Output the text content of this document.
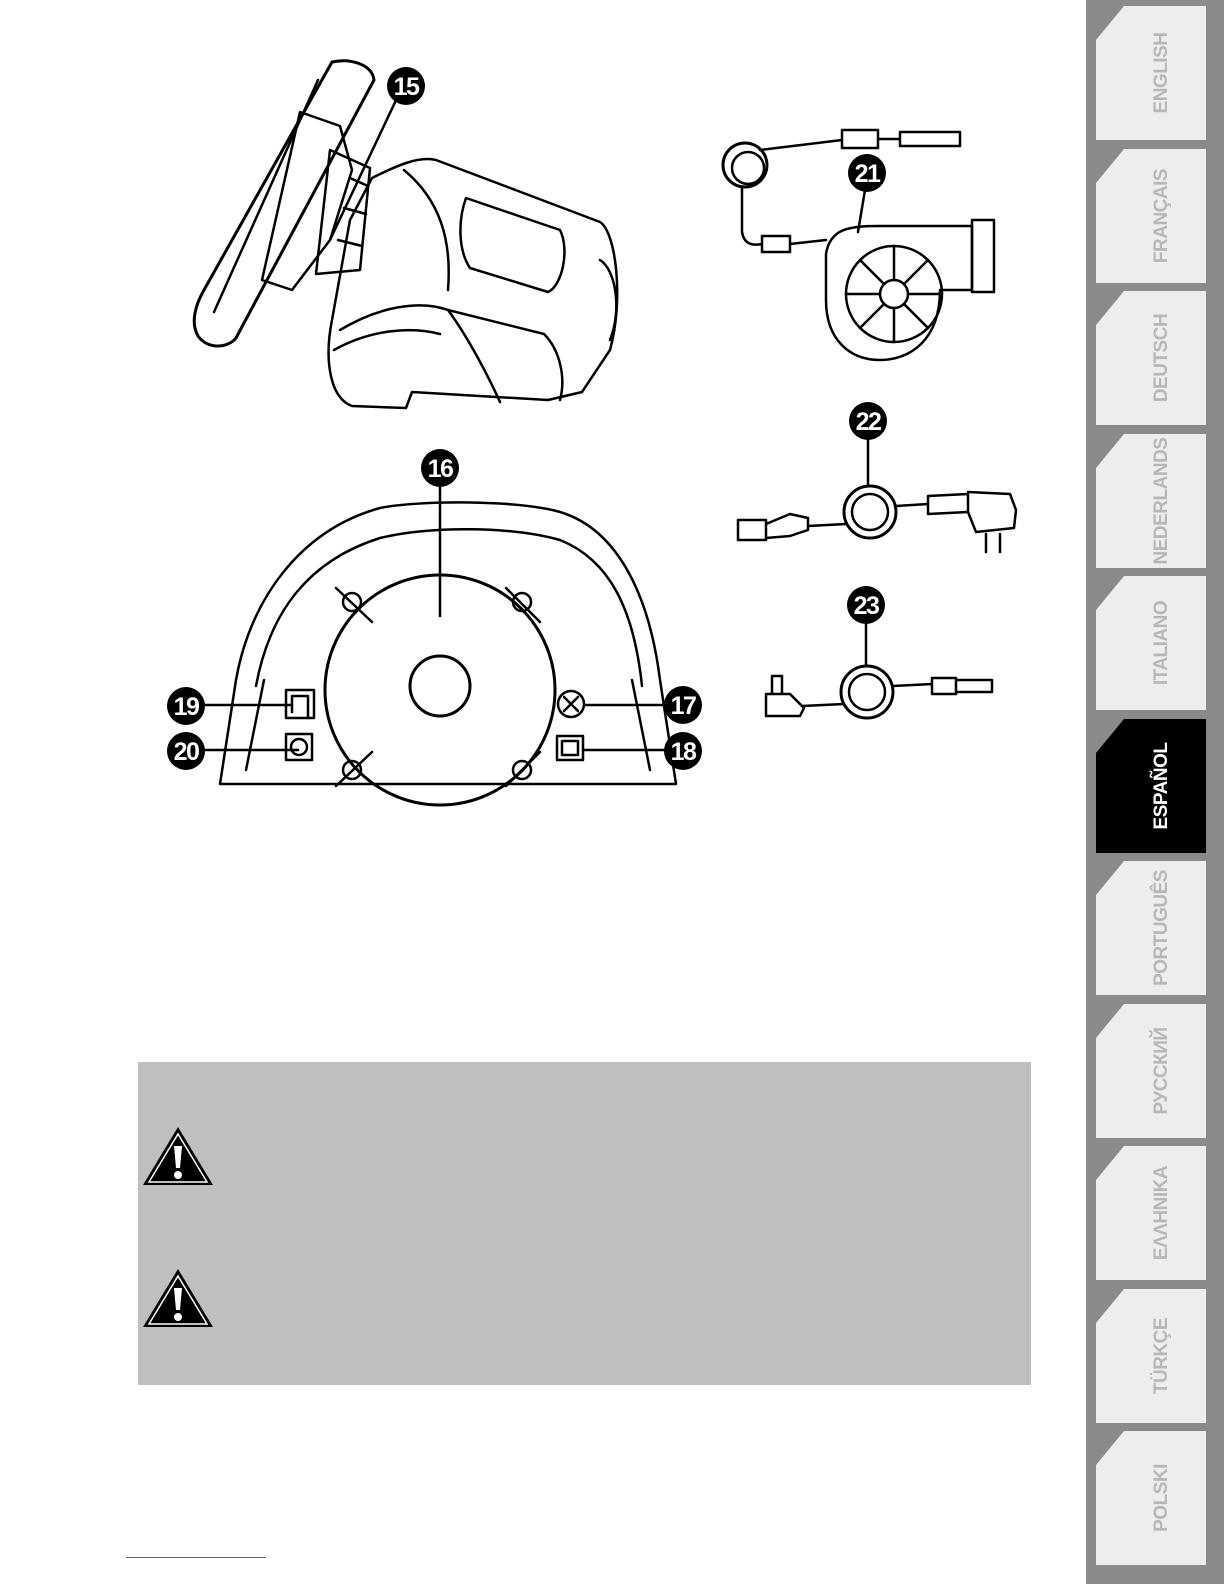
15
16
17
18
19
20
21
22
23
ENGLISH
FRANÇAIS
DEUTSCH
NEDERLANDS
ITALIANO
ESPAÑOL
PORTUGUÊS
РУССКИЙ
ΕΛΛΗΝΙΚΑ
TÜRKÇE
POLSKI
